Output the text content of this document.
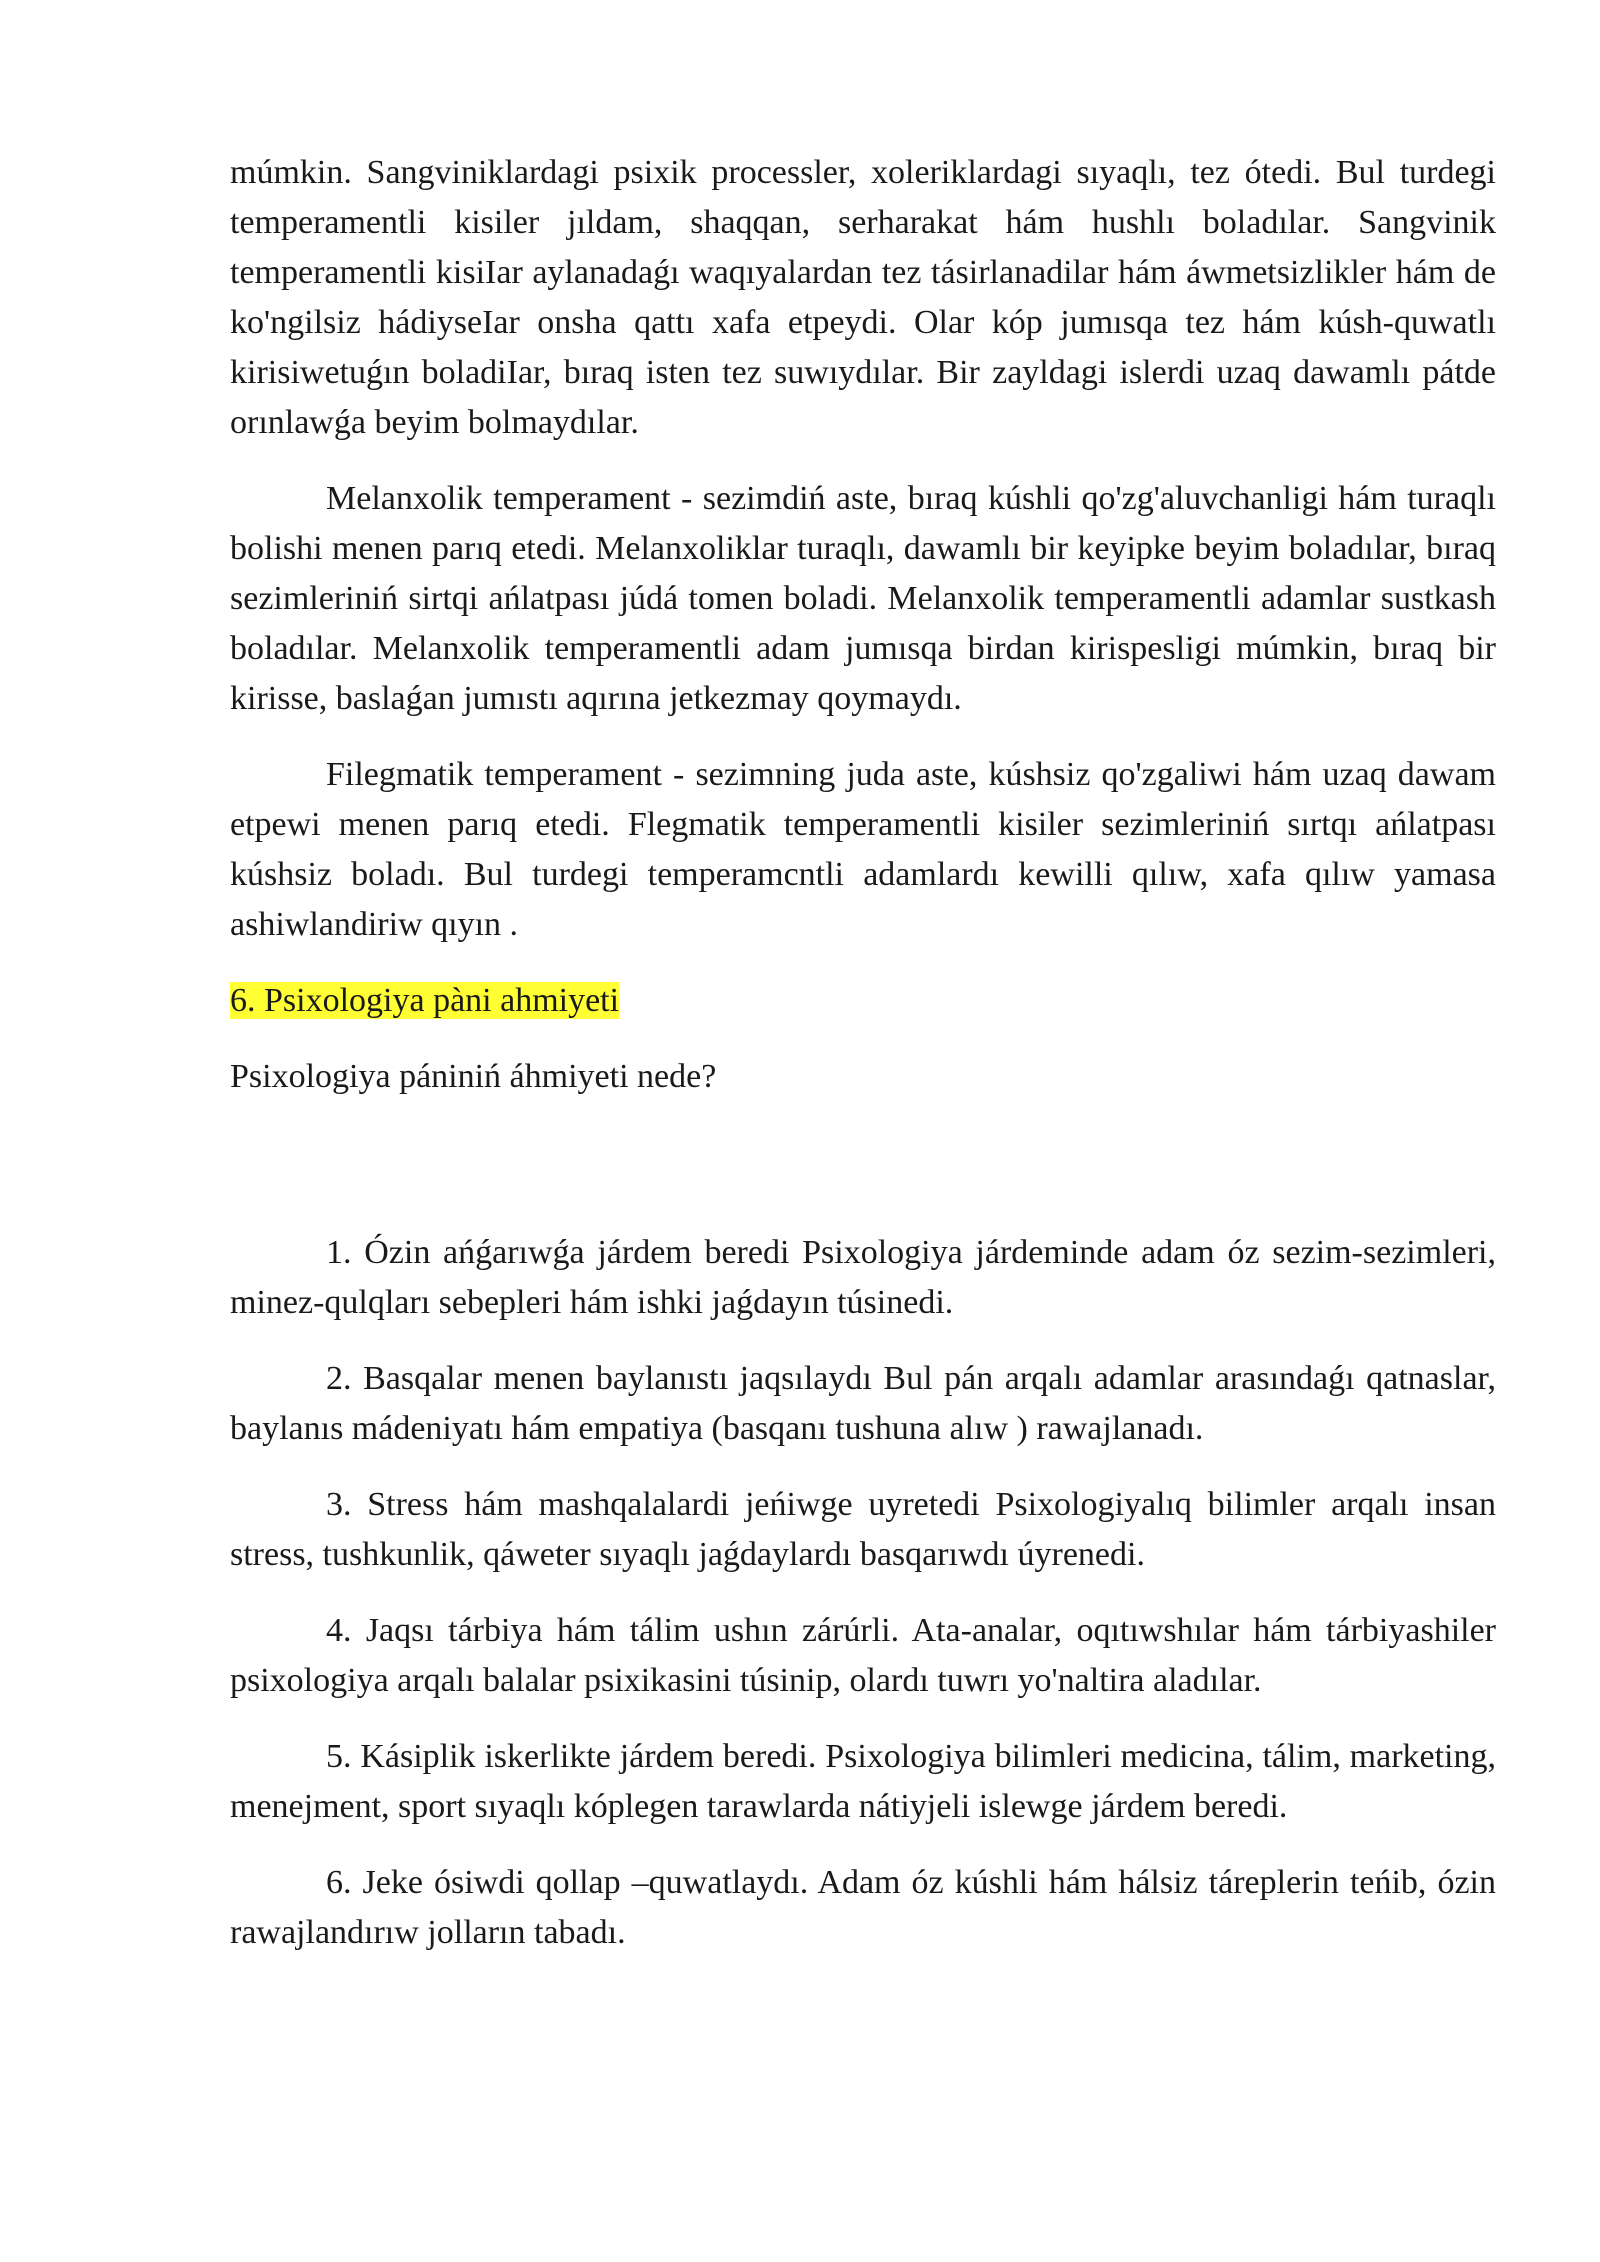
múmkin. Sangviniklardagi psixik processler, xoleriklardagi sıyaqlı, tez ótedi. Bul turdegi temperamentli kisiler jıldam, shaqqan, serharakat hám hushlı boladılar. Sangvinik temperamentli kisiIar aylanadaǵı waqıyalardan tez tásirlanadilar hám áwmetsizlikler hám de ko'ngilsiz hádiyseIar onsha qattı xafa etpeydi. Olar kóp jumısqa tez hám kúsh-quwatlı kirisiwetuǵın boladiIar, bıraq isten tez suwıydılar. Bir zayldagi islerdi uzaq dawamlı pátde orınlawǵa beyim bolmaydılar.

Melanxolik temperament - sezimdiń aste, bıraq kúshli qo'zg'aluvchanligi hám turaqlı bolishi menen parıq etedi. Melanxoliklar turaqlı, dawamlı bir keyipke beyim boladılar, bıraq sezimleriniń sirtqi ańlatpası júdá tomen boladi. Melanxolik temperamentli adamlar sustkash boladılar. Melanxolik temperamentli adam jumısqa birdan kirispesligi múmkin, bıraq bir kirisse, baslaǵan jumıstı aqırına jetkezmay qoymaydı.

Filegmatik temperament - sezimning juda aste, kúshsiz qo'zgaliwi hám uzaq dawam etpewi menen parıq etedi. Flegmatik temperamentli kisiler sezimleriniń sırtqı ańlatpası kúshsiz boladı. Bul turdegi temperamcntli adamlardı kewilli qılıw, xafa qılıw yamasa ashiwlandiriw qıyın .

6. Psixologiya pàni ahmiyeti

Psixologiya pániniń áhmiyeti nede?

1. Ózin ańǵarıwǵa járdem beredi Psixologiya járdeminde adam óz sezim-sezimleri, minez-qulqları sebepleri hám ishki jaǵdayın túsinedi.

2. Basqalar menen baylanıstı jaqsılaydı Bul pán arqalı adamlar arasındaǵı qatnaslar, baylanıs mádeniyatı hám empatiya (basqanı tushuna alıw ) rawajlanadı.

3. Stress hám mashqalalardi jeńiwge uyretedi Psixologiyalıq bilimler arqalı insan stress, tushkunlik, qáweter sıyaqlı jaǵdaylardı basqarıwdı úyrenedi.

4. Jaqsı tárbiya hám tálim ushın zárúrli. Ata-analar, oqıtıwshılar hám tárbiyashiler psixologiya arqalı balalar psixikasini túsinip, olardı tuwrı yo'naltira aladılar.

5. Kásiplik iskerlikte járdem beredi. Psixologiya bilimleri medicina, tálim, marketing, menejment, sport sıyaqlı kóplegen tarawlarda nátiyjeli islewge járdem beredi.

6. Jeke ósiwdi qollap –quwatlaydı. Adam óz kúshli hám hálsiz táreplerin teńib, ózin rawajlandırıw jolların tabadı.
